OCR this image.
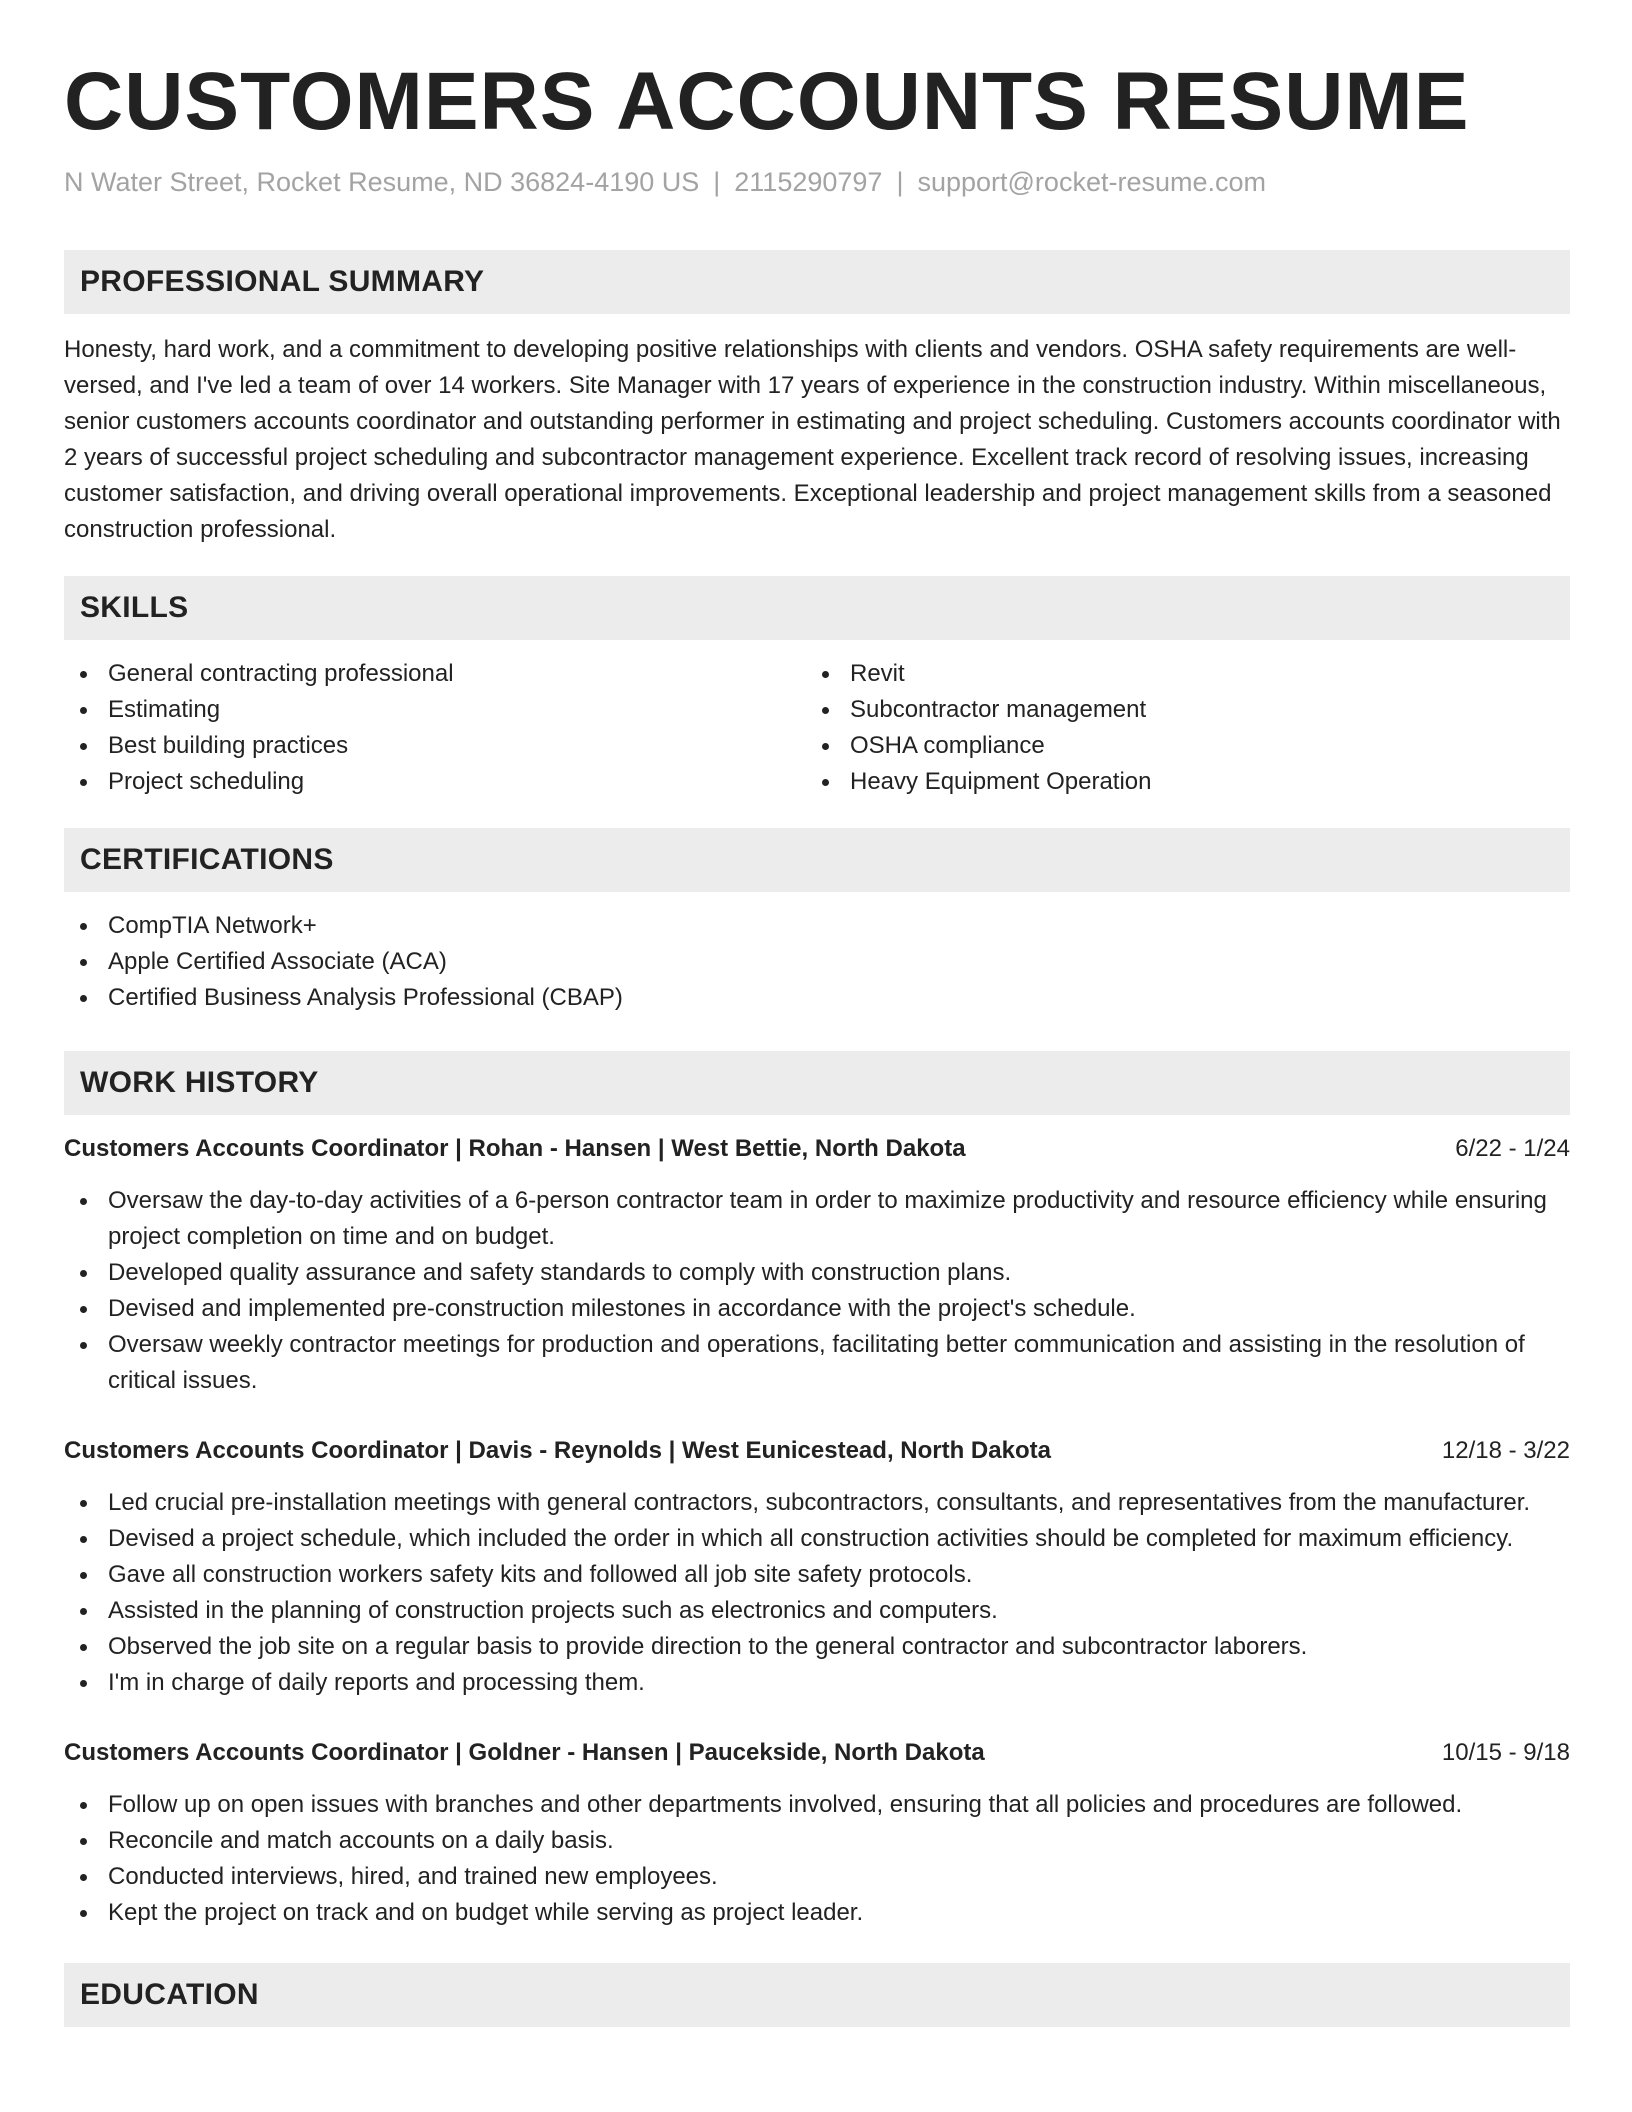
CUSTOMERS ACCOUNTS RESUME
N Water Street, Rocket Resume, ND 36824-4190 US | 2115290797 | support@rocket-resume.com
PROFESSIONAL SUMMARY

Honesty, hard work, and a commitment to developing positive relationships with clients and vendors. OSHA safety requirements are well-versed, and I've led a team of over 14 workers. Site Manager with 17 years of experience in the construction industry. Within miscellaneous, senior customers accounts coordinator and outstanding performer in estimating and project scheduling. Customers accounts coordinator with 2 years of successful project scheduling and subcontractor management experience. Excellent track record of resolving issues, increasing customer satisfaction, and driving overall operational improvements. Exceptional leadership and project management skills from a seasoned construction professional.

SKILLS
General contracting professional
Estimating
Best building practices
Project scheduling
Revit
Subcontractor management
OSHA compliance
Heavy Equipment Operation
CERTIFICATIONS
CompTIA Network+
Apple Certified Associate (ACA)
Certified Business Analysis Professional (CBAP)
WORK HISTORY
Customers Accounts Coordinator | Rohan - Hansen | West Bettie, North Dakota	6/22 - 1/24
Oversaw the day-to-day activities of a 6-person contractor team in order to maximize productivity and resource efficiency while ensuring project completion on time and on budget.
Developed quality assurance and safety standards to comply with construction plans.
Devised and implemented pre-construction milestones in accordance with the project's schedule.
Oversaw weekly contractor meetings for production and operations, facilitating better communication and assisting in the resolution of critical issues.
Customers Accounts Coordinator | Davis - Reynolds | West Eunicestead, North Dakota	12/18 - 3/22
Led crucial pre-installation meetings with general contractors, subcontractors, consultants, and representatives from the manufacturer.
Devised a project schedule, which included the order in which all construction activities should be completed for maximum efficiency.
Gave all construction workers safety kits and followed all job site safety protocols.
Assisted in the planning of construction projects such as electronics and computers.
Observed the job site on a regular basis to provide direction to the general contractor and subcontractor laborers.
I'm in charge of daily reports and processing them.
Customers Accounts Coordinator | Goldner - Hansen | Paucekside, North Dakota	10/15 - 9/18
Follow up on open issues with branches and other departments involved, ensuring that all policies and procedures are followed.
Reconcile and match accounts on a daily basis.
Conducted interviews, hired, and trained new employees.
Kept the project on track and on budget while serving as project leader.
EDUCATION
